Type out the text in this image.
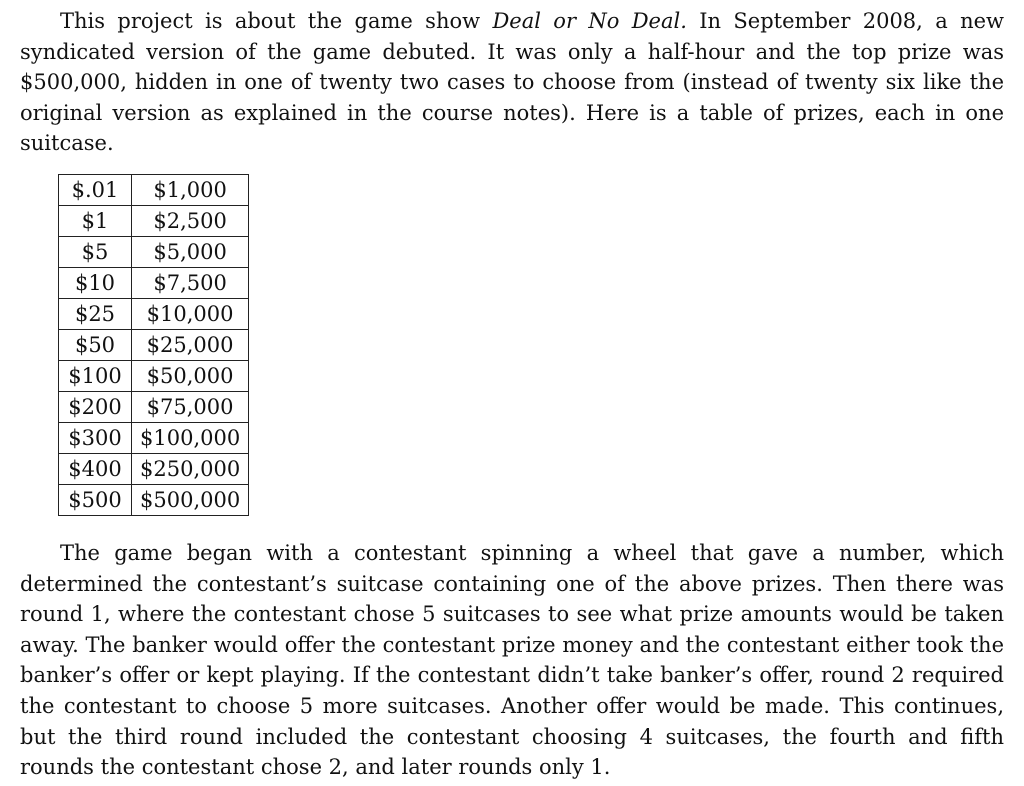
This project is about the game show Deal or No Deal. In September 2008, a new syndicated version of the game debuted. It was only a half-hour and the top prize was $500,000, hidden in one of twenty two cases to choose from (instead of twenty six like the original version as explained in the course notes). Here is a table of prizes, each in one suitcase.

$.01	$1,000
$1	$2,500
$5	$5,000
$10	$7,500
$25	$10,000
$50	$25,000
$100	$50,000
$200	$75,000
$300	$100,000
$400	$250,000
$500	$500,000

The game began with a contestant spinning a wheel that gave a number, which determined the contestant’s suitcase containing one of the above prizes. Then there was round 1, where the contestant chose 5 suitcases to see what prize amounts would be taken away. The banker would offer the contestant prize money and the contestant either took the banker’s offer or kept playing. If the contestant didn’t take banker’s offer, round 2 required the contestant to choose 5 more suitcases. Another offer would be made. This continues, but the third round included the contestant choosing 4 suitcases, the fourth and fifth rounds the contestant chose 2, and later rounds only 1.
